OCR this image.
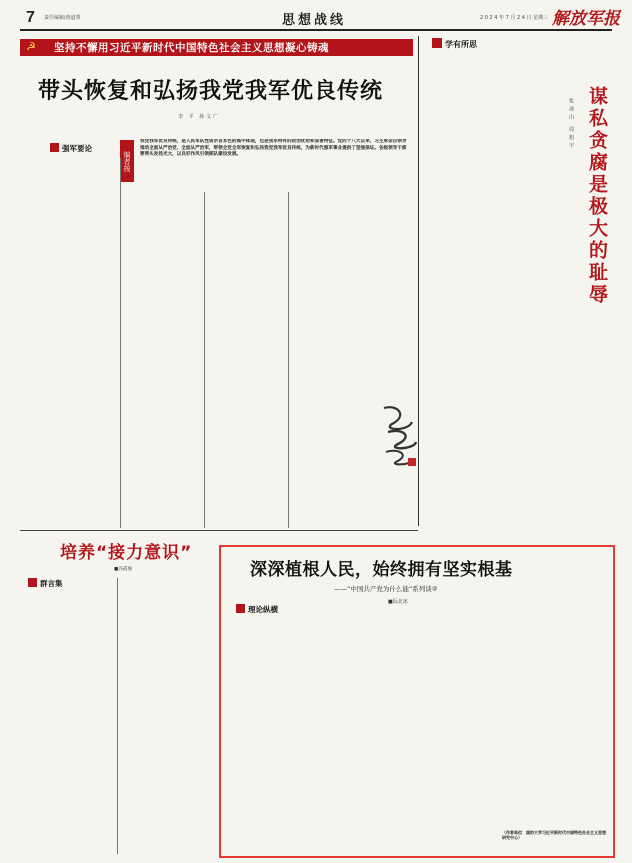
7 责任编辑/黄道尊	思想战线	2 0 2 4 年 7 月 2 4 日 星期三 解放军报
☭ 坚持不懈用习近平新时代中国特色社会主义思想凝心铸魂
带头恢复和弘扬我党我军优良传统
李 平 孙文广
编者按
我党我军优良传统，是人民军队性质宗旨本色的集中体现，也是我军特有的政治优势和显著特征。党的十八大以来，习主席亲自领导推动全面从严治党、全面从严治军，带领全党全军恢复和弘扬我党我军优良传统，为新时代强军事业提供了坚强保证。各级领导干部要带头发扬光大，以良好作风引领部队建设发展。
强军要论
学有所思
谋私贪腐是极大的耻辱
张凌山 周旭宇
培养“接力意识”
■冯霞俊
群言集
深深植根人民，始终拥有坚实根基
——“中国共产党为什么能”系列谈②
■阮北冰
理论纵横
（作者单位：国防大学习近平新时代中国特色社会主义思想研究中心）
